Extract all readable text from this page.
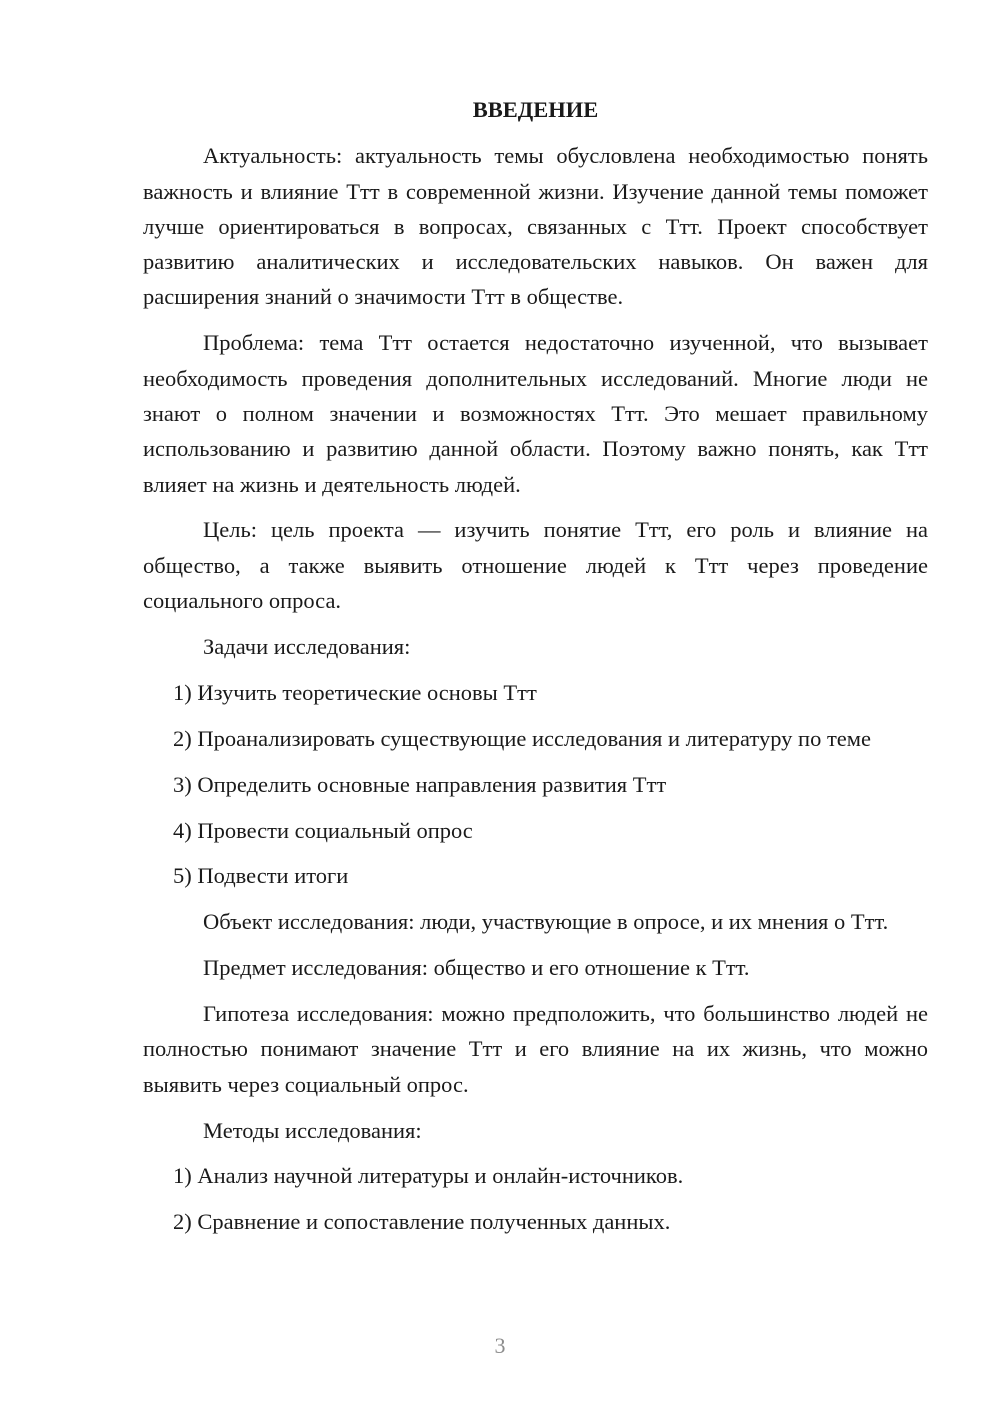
ВВЕДЕНИЕ

Актуальность: актуальность темы обусловлена необходимостью понять важность и влияние Ттт в современной жизни. Изучение данной темы поможет лучше ориентироваться в вопросах, связанных с Ттт. Проект способствует развитию аналитических и исследовательских навыков. Он важен для расширения знаний о значимости Ттт в обществе.

Проблема: тема Ттт остается недостаточно изученной, что вызывает необходимость проведения дополнительных исследований. Многие люди не знают о полном значении и возможностях Ттт. Это мешает правильному использованию и развитию данной области. Поэтому важно понять, как Ттт влияет на жизнь и деятельность людей.

Цель: цель проекта — изучить понятие Ттт, его роль и влияние на общество, а также выявить отношение людей к Ттт через проведение социального опроса.

Задачи исследования:

1) Изучить теоретические основы Ттт

2) Проанализировать существующие исследования и литературу по теме

3) Определить основные направления развития Ттт

4) Провести социальный опрос

5) Подвести итоги

Объект исследования: люди, участвующие в опросе, и их мнения о Ттт.

Предмет исследования: общество и его отношение к Ттт.

Гипотеза исследования: можно предположить, что большинство людей не полностью понимают значение Ттт и его влияние на их жизнь, что можно выявить через социальный опрос.

Методы исследования:

1) Анализ научной литературы и онлайн-источников.

2) Сравнение и сопоставление полученных данных.

3
